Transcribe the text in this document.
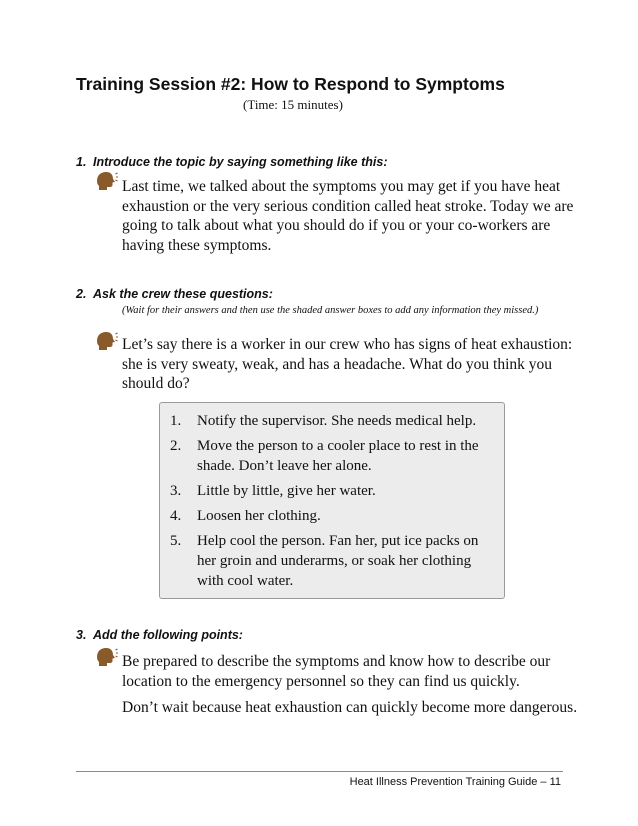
Training Session #2: How to Respond to Symptoms
(Time: 15 minutes)
1. Introduce the topic by saying something like this:
Last time, we talked about the symptoms you may get if you have heat
exhaustion or the very serious condition called heat stroke. Today we are
going to talk about what you should do if you or your co-workers are
having these symptoms.
2. Ask the crew these questions:
(Wait for their answers and then use the shaded answer boxes to add any information they missed.)
Let’s say there is a worker in our crew who has signs of heat exhaustion:
she is very sweaty, weak, and has a headache. What do you think you
should do?
1. Notify the supervisor. She needs medical help.
2. Move the person to a cooler place to rest in the shade. Don’t leave her alone.
3. Little by little, give her water.
4. Loosen her clothing.
5. Help cool the person. Fan her, put ice packs on her groin and underarms, or soak her clothing with cool water.
3. Add the following points:
Be prepared to describe the symptoms and know how to describe our
location to the emergency personnel so they can find us quickly.
Don’t wait because heat exhaustion can quickly become more dangerous.
Heat Illness Prevention Training Guide – 11
